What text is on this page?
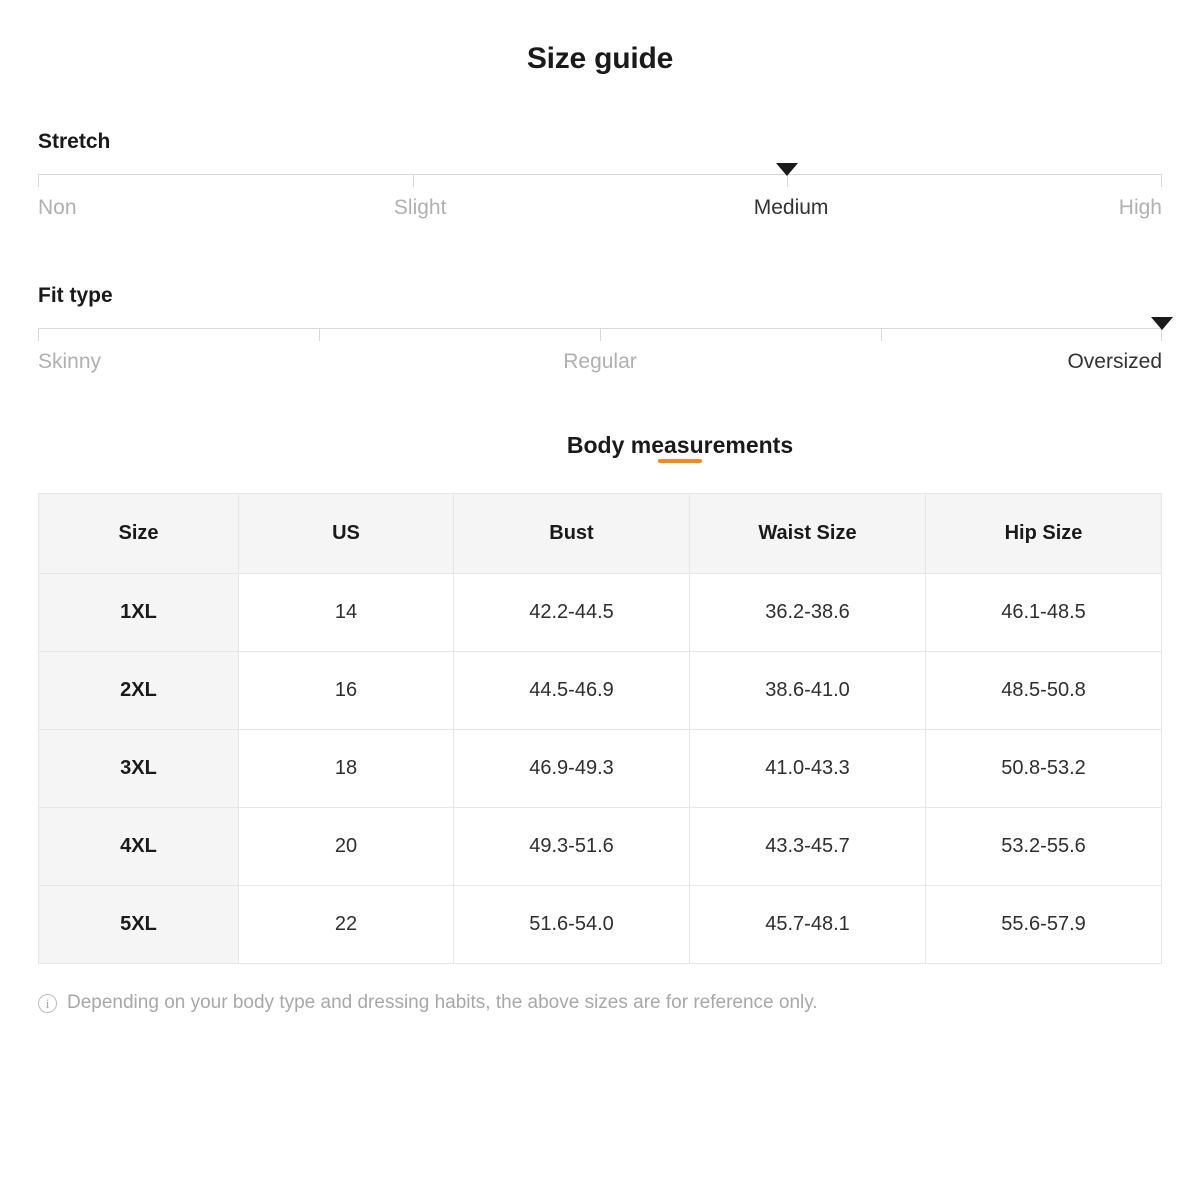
Size guide
Stretch
Non	Slight	Medium	High
Fit type
Skinny	Regular	Oversized
Body measurements
Size	US	Bust	Waist Size	Hip Size
1XL	14	42.2-44.5	36.2-38.6	46.1-48.5
2XL	16	44.5-46.9	38.6-41.0	48.5-50.8
3XL	18	46.9-49.3	41.0-43.3	50.8-53.2
4XL	20	49.3-51.6	43.3-45.7	53.2-55.6
5XL	22	51.6-54.0	45.7-48.1	55.6-57.9
i Depending on your body type and dressing habits, the above sizes are for reference only.
